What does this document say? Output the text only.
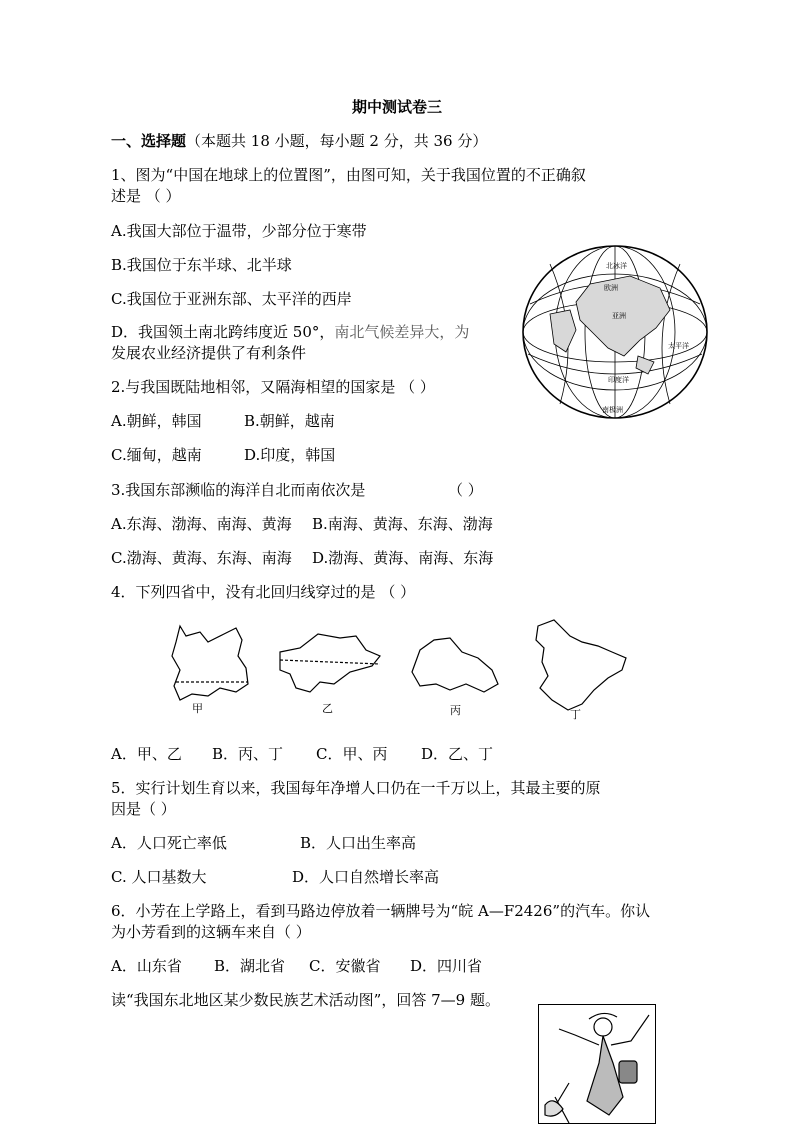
期中测试卷三
一、选择题（本题共 18 小题，每小题 2 分，共 36 分）
1、图为“中国在地球上的位置图”，由图可知，关于我国位置的不正确叙
述是 （ ）
A.我国大部位于温带，少部分位于寒带
B.我国位于东半球、北半球
C.我国位于亚洲东部、太平洋的西岸
D．我国领土南北跨纬度近 50°，南北气候差异大，为
发展农业经济提供了有利条件
亚洲
欧洲
北冰洋
印度洋
太平洋
南极洲
2.与我国既陆地相邻，又隔海相望的国家是 （ ）
A.朝鲜，韩国	B.朝鲜，越南
C.缅甸，越南	D.印度，韩国
3.我国东部濒临的海洋自北而南依次是	（ ）
A.东海、渤海、南海、黄海 B.南海、黄海、东海、渤海
C.渤海、黄海、东海、南海 D.渤海、黄海、南海、东海
4．下列四省中，没有北回归线穿过的是 （ ）
甲	乙	丙	丁
A．甲、乙 B．丙、丁 C．甲、丙 D．乙、丁
5．实行计划生育以来，我国每年净增人口仍在一千万以上，其最主要的原
因是（ ）
A．人口死亡率低	B．人口出生率高
C. 人口基数大	D．人口自然增长率高
6．小芳在上学路上，看到马路边停放着一辆牌号为“皖 A—F2426”的汽车。你认
为小芳看到的这辆车来自（ ）
A．山东省 B．湖北省 C．安徽省 D．四川省
读“我国东北地区某少数民族艺术活动图”，回答 7—9 题。
